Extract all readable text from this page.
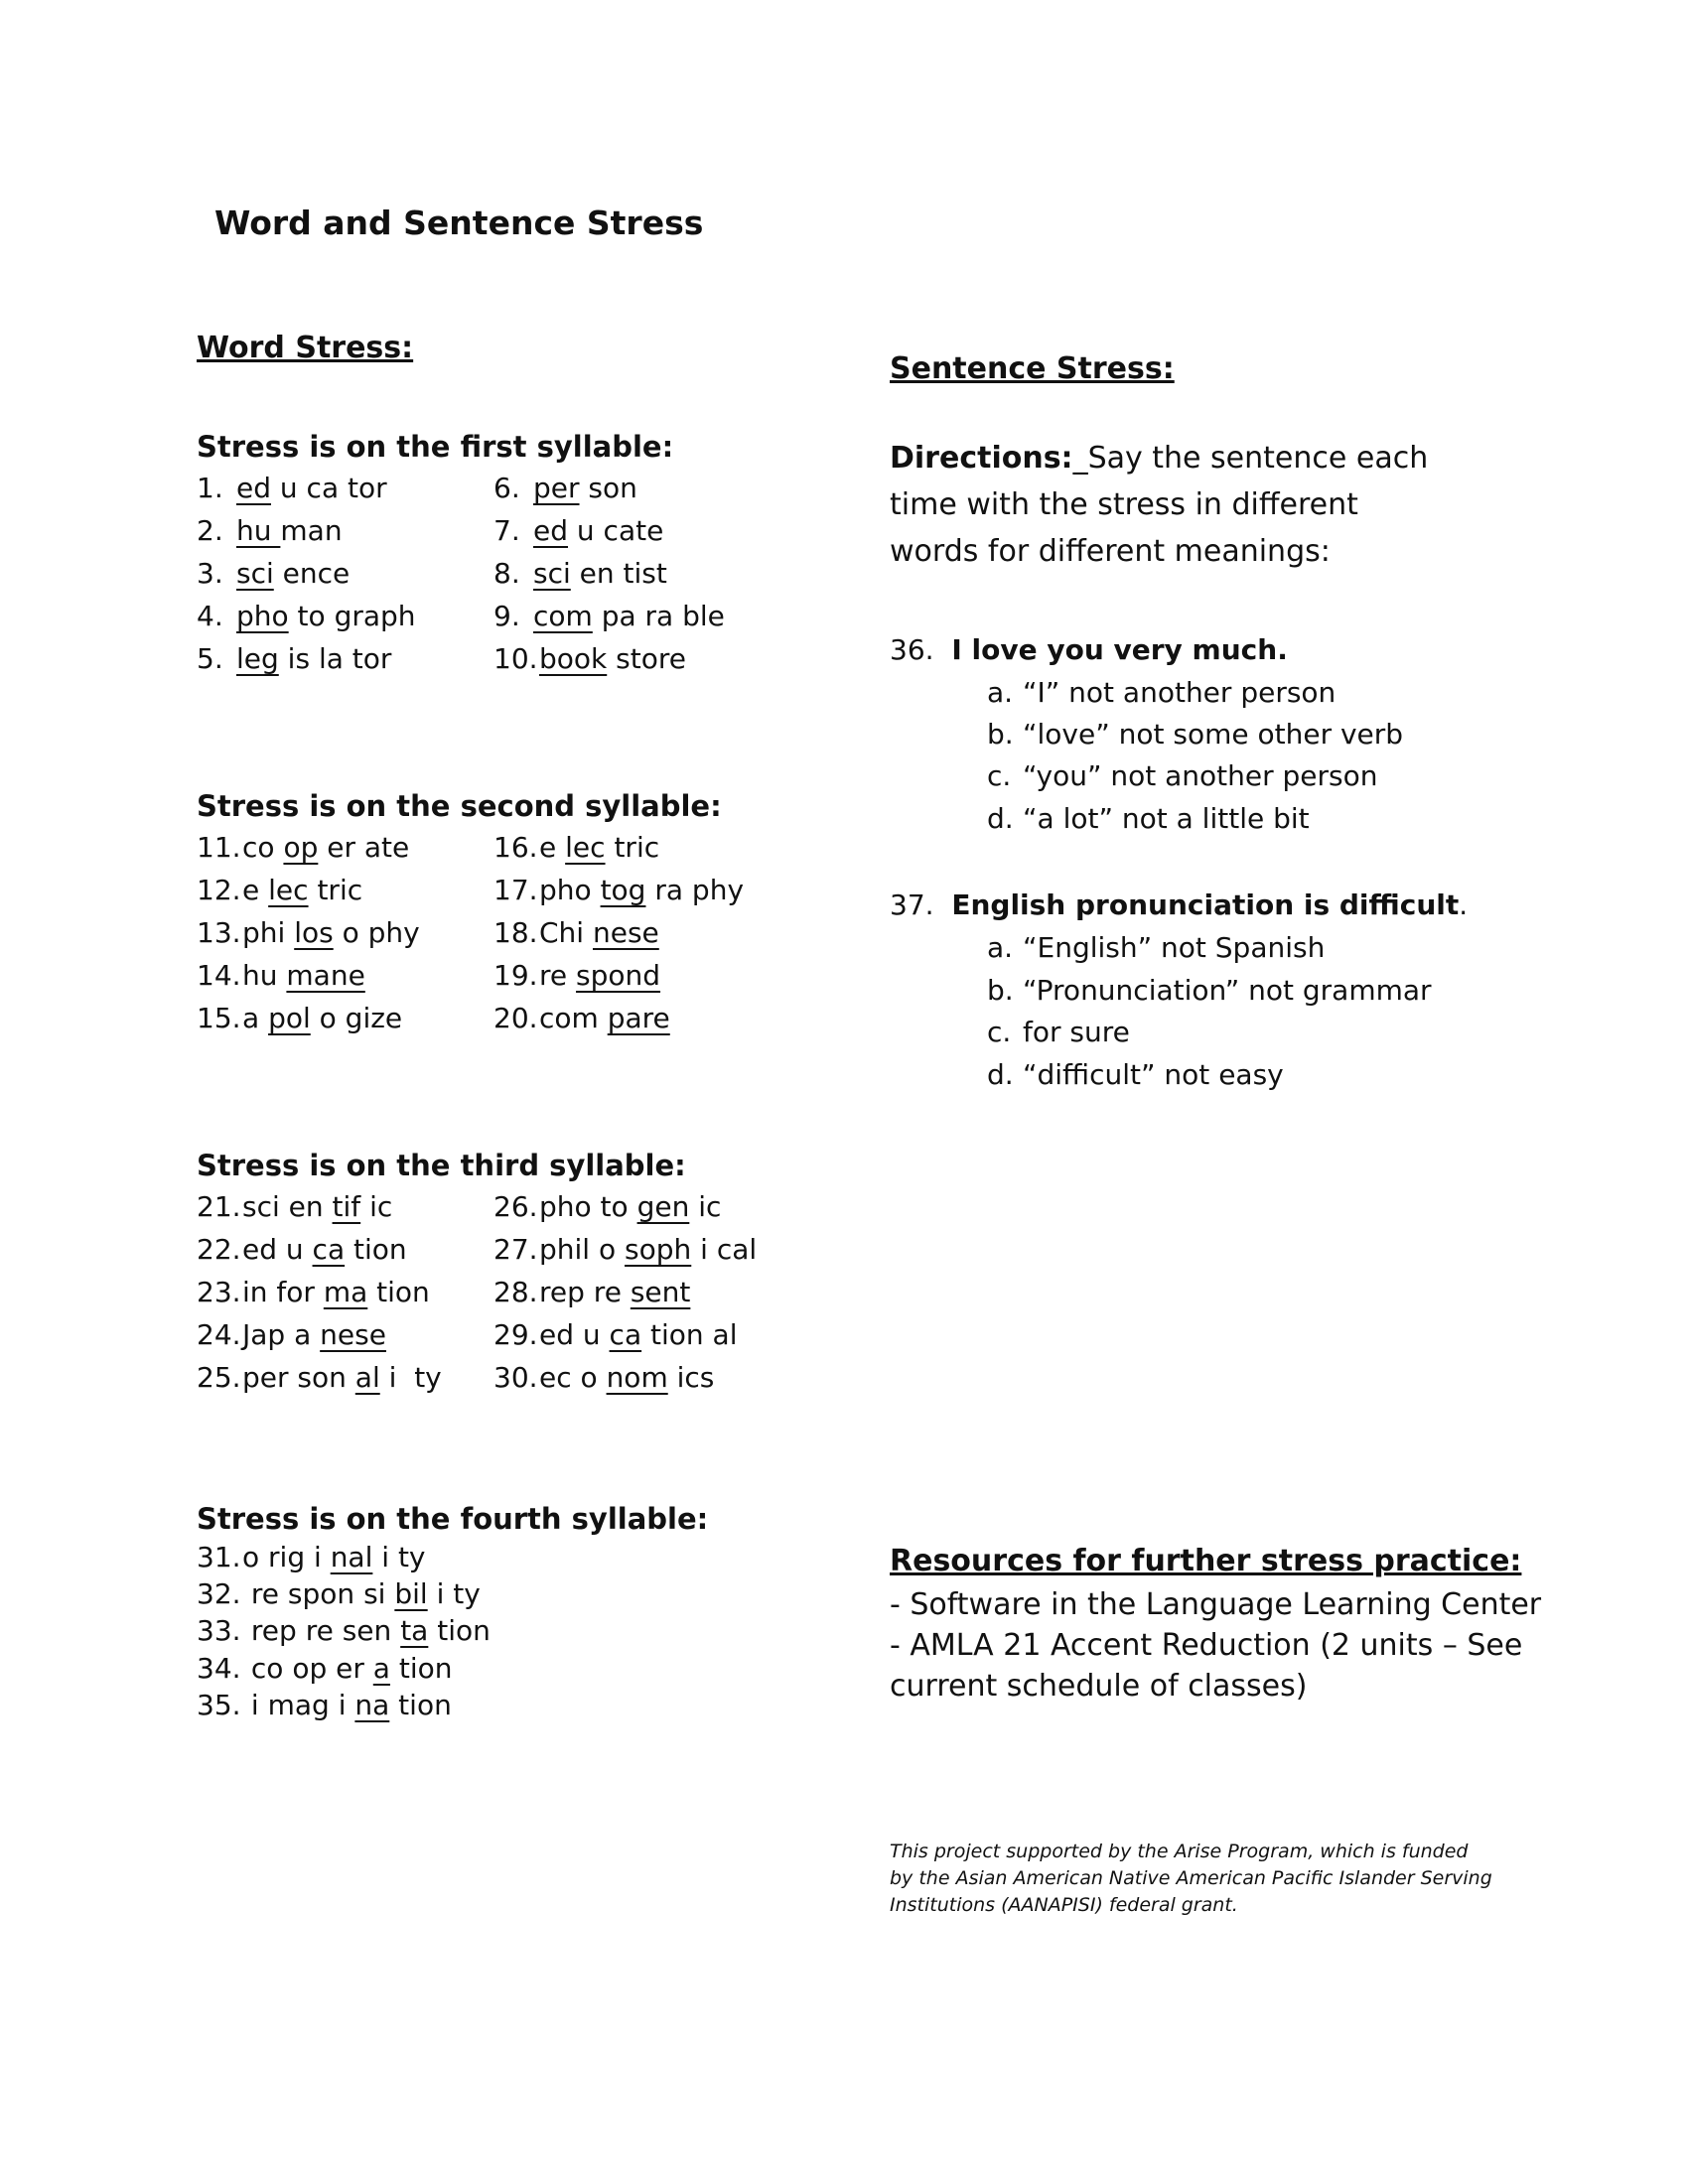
Word and Sentence Stress
Word Stress:
Stress is on the first syllable:
1. ed u ca tor
2. hu man
3. sci ence
4. pho to graph
5. leg is la tor
6. per son
7. ed u cate
8. sci en tist
9. com pa ra ble
10.book store
Stress is on the second syllable:
11.co op er ate
12.e lec tric
13.phi los o phy
14.hu mane
15.a pol o gize
16.e lec tric
17.pho tog ra phy
18.Chi nese
19.re spond
20.com pare
Stress is on the third syllable:
21.sci en tif ic
22.ed u ca tion
23.in for ma tion
24.Jap a nese
25.per son al i  ty
26.pho to gen ic
27.phil o soph i cal
28.rep re sent
29.ed u ca tion al
30.ec o nom ics
Stress is on the fourth syllable:
31.o rig i nal i ty
32. re spon si bil i ty
33. rep re sen ta tion
34. co op er a tion
35. i mag i na tion
Sentence Stress:
Directions:_Say the sentence each time with the stress in different words for different meanings:
36. I love you very much.
a. “I” not another person
b. “love” not some other verb
c. “you” not another person
d. “a lot” not a little bit
37. English pronunciation is difficult.
a. “English” not Spanish
b. “Pronunciation” not grammar
c. for sure
d. “difficult” not easy
Resources for further stress practice:
- Software in the Language Learning Center
- AMLA 21 Accent Reduction (2 units – See
current schedule of classes)
This project supported by the Arise Program, which is funded by the Asian American Native American Pacific Islander Serving Institutions (AANAPISI) federal grant.
